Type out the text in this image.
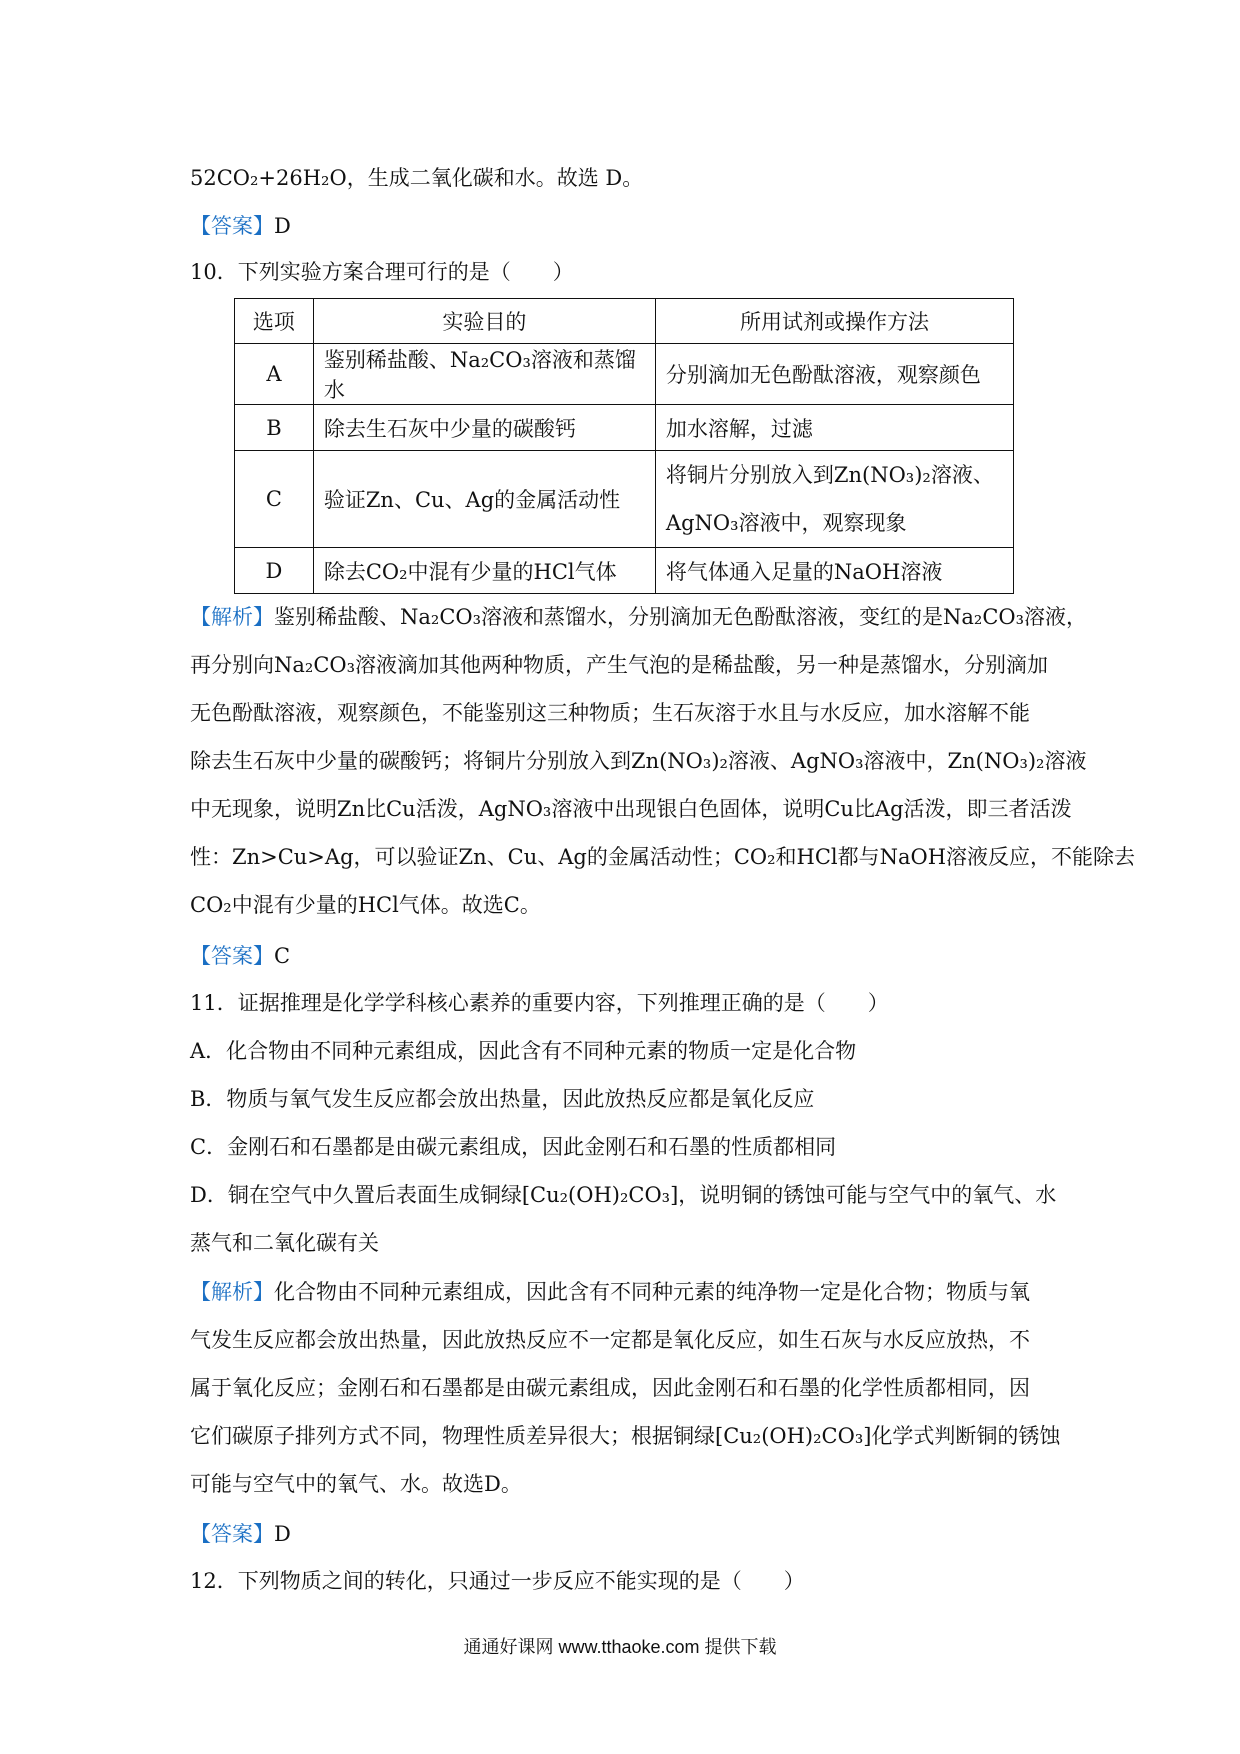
52CO₂+26H₂O，生成二氧化碳和水。故选 D。
【答案】D
10．下列实验方案合理可行的是（　　）
选项	实验目的	所用试剂或操作方法
A	鉴别稀盐酸、Na₂CO₃溶液和蒸馏水	分别滴加无色酚酞溶液，观察颜色
B	除去生石灰中少量的碳酸钙	加水溶解，过滤
C	验证Zn、Cu、Ag的金属活动性	将铜片分别放入到Zn(NO₃)₂溶液、
AgNO₃溶液中，观察现象

D	除去CO₂中混有少量的HCl气体	将气体通入足量的NaOH溶液
【解析】鉴别稀盐酸、Na₂CO₃溶液和蒸馏水，分别滴加无色酚酞溶液，变红的是Na₂CO₃溶液，
再分别向Na₂CO₃溶液滴加其他两种物质，产生气泡的是稀盐酸，另一种是蒸馏水，分别滴加
无色酚酞溶液，观察颜色，不能鉴别这三种物质；生石灰溶于水且与水反应，加水溶解不能
除去生石灰中少量的碳酸钙；将铜片分别放入到Zn(NO₃)₂溶液、AgNO₃溶液中，Zn(NO₃)₂溶液
中无现象，说明Zn比Cu活泼，AgNO₃溶液中出现银白色固体，说明Cu比Ag活泼，即三者活泼
性：Zn>Cu>Ag，可以验证Zn、Cu、Ag的金属活动性；CO₂和HCl都与NaOH溶液反应，不能除去
CO₂中混有少量的HCl气体。故选C。
【答案】C
11．证据推理是化学学科核心素养的重要内容，下列推理正确的是（　　）
A．化合物由不同种元素组成，因此含有不同种元素的物质一定是化合物
B．物质与氧气发生反应都会放出热量，因此放热反应都是氧化反应
C．金刚石和石墨都是由碳元素组成，因此金刚石和石墨的性质都相同
D．铜在空气中久置后表面生成铜绿[Cu₂(OH)₂CO₃]，说明铜的锈蚀可能与空气中的氧气、水
蒸气和二氧化碳有关
【解析】化合物由不同种元素组成，因此含有不同种元素的纯净物一定是化合物；物质与氧
气发生反应都会放出热量，因此放热反应不一定都是氧化反应，如生石灰与水反应放热，不
属于氧化反应；金刚石和石墨都是由碳元素组成，因此金刚石和石墨的化学性质都相同，因
它们碳原子排列方式不同，物理性质差异很大；根据铜绿[Cu₂(OH)₂CO₃]化学式判断铜的锈蚀
可能与空气中的氧气、水。故选D。
【答案】D
12．下列物质之间的转化，只通过一步反应不能实现的是（　　）
通通好课网 www.tthaoke.com 提供下载
